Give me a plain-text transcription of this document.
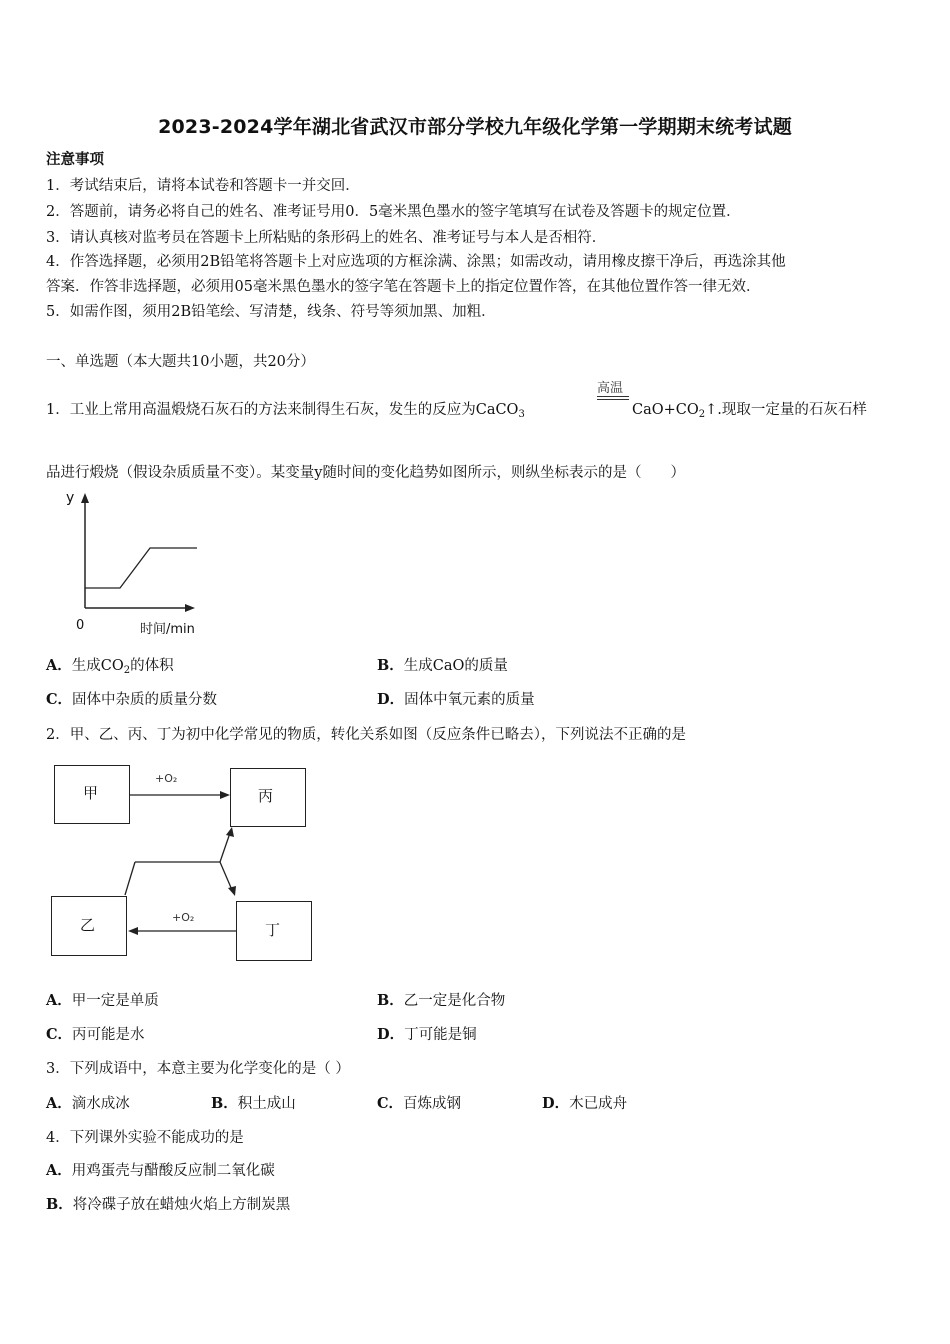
2023-2024学年湖北省武汉市部分学校九年级化学第一学期期末统考试题
注意事项
1．考试结束后，请将本试卷和答题卡一并交回．
2．答题前，请务必将自己的姓名、准考证号用0．5毫米黑色墨水的签字笔填写在试卷及答题卡的规定位置．
3．请认真核对监考员在答题卡上所粘贴的条形码上的姓名、准考证号与本人是否相符．
4．作答选择题，必须用2B铅笔将答题卡上对应选项的方框涂满、涂黑；如需改动，请用橡皮擦干净后，再选涂其他
答案．作答非选择题，必须用05毫米黑色墨水的签字笔在答题卡上的指定位置作答，在其他位置作答一律无效．
5．如需作图，须用2B铅笔绘、写清楚，线条、符号等须加黑、加粗．
一、单选题（本大题共10小题，共20分）
1．工业上常用高温煅烧石灰石的方法来制得生石灰，发生的反应为CaCO$_3$
高温
$CaO+CO_2↑$.现取一定量的石灰石样
品进行煅烧（假设杂质质量不变）。某变量y随时间的变化趋势如图所示，则纵坐标表示的是（　　）
y
0	时间/min
A．生成$CO_2$的体积	B．生成CaO的质量
C．固体中杂质的质量分数	D．固体中氧元素的质量
2．甲、乙、丙、丁为初中化学常见的物质，转化关系如图（反应条件已略去），下列说法不正确的是
甲	丙
乙	丁
+O₂
+O₂
A．甲一定是单质	B．乙一定是化合物
C．丙可能是水	D．丁可能是铜
3．下列成语中，本意主要为化学变化的是（ ）
A．滴水成冰	B．积土成山	C．百炼成钢	D．木已成舟
4．下列课外实验不能成功的是
A．用鸡蛋壳与醋酸反应制二氧化碳
B．将冷碟子放在蜡烛火焰上方制炭黑
